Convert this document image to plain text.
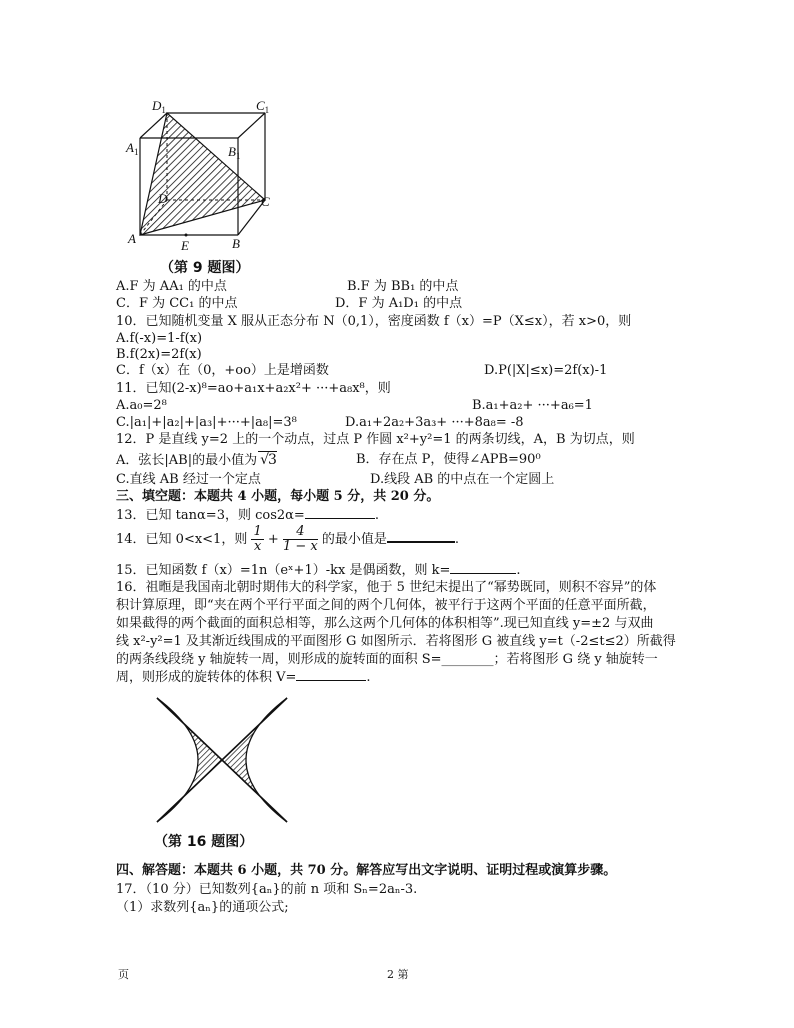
$D_1$	$C_1$
$A_1$	$B_1$
D	C
A	E	B
（第 9 题图）
A.F 为 AA₁ 的中点	B.F 为 BB₁ 的中点
C．F 为 CC₁ 的中点	D．F 为 A₁D₁ 的中点
10．已知随机变量 X 服从正态分布 N（0,1），密度函数 f（x）=P（X≤x），若 x>0，则
A.f(-x)=1-f(x)
B.f(2x)=2f(x)
C．f（x）在（0，+oo）上是增函数	D.P(|X|≤x)=2f(x)-1
11．已知(2-x)⁸=ao+a₁x+a₂x²+ ···+a₈x⁸，则
A.a₀=2⁸	B.a₁+a₂+ ···+a₆=1
C.|a₁|+|a₂|+|a₃|+···+|a₈|=3⁸	D.a₁+2a₂+3a₃+ ···+8a₈= -8
12．P 是直线 y=2 上的一个动点，过点 P 作圆 x²+y²=1 的两条切线，A，B 为切点，则
A．弦长|AB|的最小值为 √3	B．存在点 P，使得∠APB=90⁰
C.直线 AB 经过一个定点	D.线段 AB 的中点在一个定圆上
三、填空题：本题共 4 小题，每小题 5 分，共 20 分。
13．已知 tanα=3，则 cos2α=	.
14．已知 0<x<1，则 $\frac{1}{x} + \frac{4}{1 - x}$ 的最小值是	.
15．已知函数 f（x）=1n（eˣ+1）-kx 是偶函数，则 k=	.
16．祖暅是我国南北朝时期伟大的科学家，他于 5 世纪末提出了“幂势既同，则积不容异”的体
积计算原理，即“夹在两个平行平面之间的两个几何体，被平行于这两个平面的任意平面所截，
如果截得的两个截面的面积总相等，那么这两个几何体的体积相等”.现已知直线 y=±2 与双曲
线 x²-y²=1 及其渐近线围成的平面图形 G 如图所示．若将图形 G 被直线 y=t（-2≤t≤2）所截得
的两条线段绕 y 轴旋转一周，则形成的旋转面的面积 S=________；若将图形 G 绕 y 轴旋转一
周，则形成的旋转体的体积 V=	.
（第 16 题图）
四、解答题：本题共 6 小题，共 70 分。解答应写出文字说明、证明过程或演算步骤。
17．（10 分）已知数列{aₙ}的前 n 项和 Sₙ=2aₙ-3.
（1）求数列{aₙ}的通项公式;
页	2 第
